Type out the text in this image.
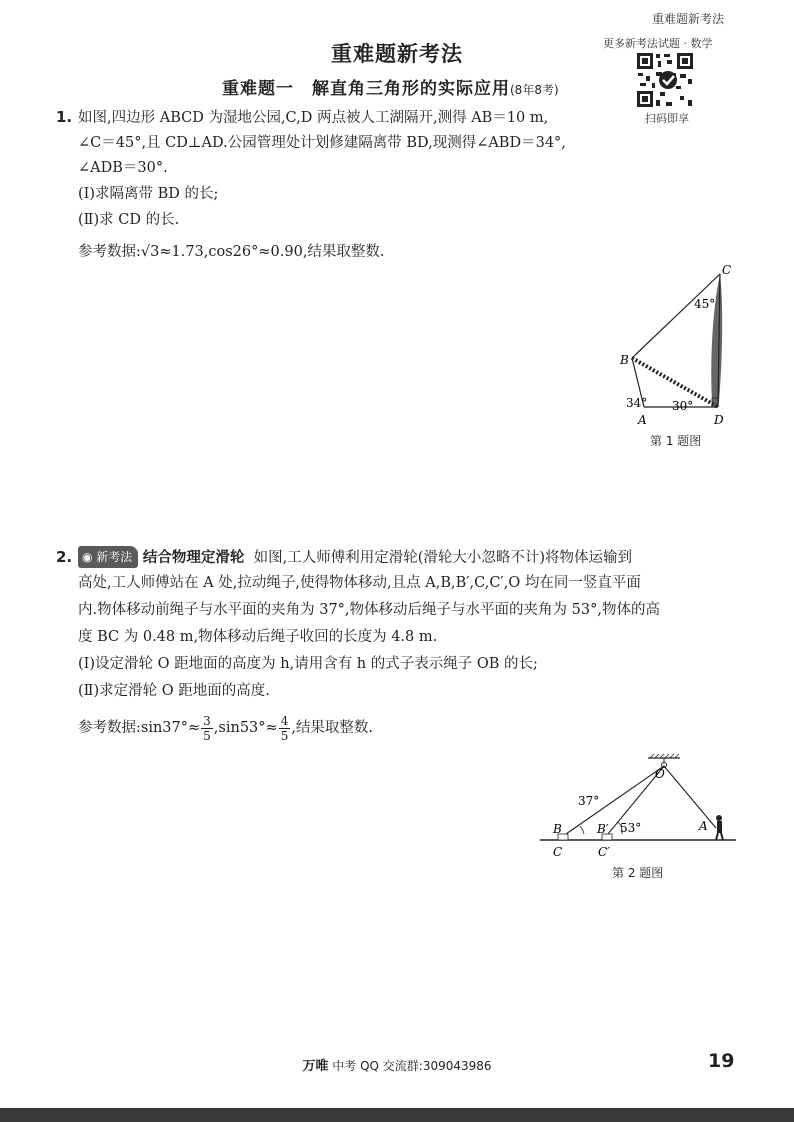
重难题新考法
更多新考法试题 · 数学
扫码即享
重难题新考法
重难题一 解直角三角形的实际应用(8年8考)
1. 如图,四边形 ABCD 为湿地公园,C,D 两点被人工湖隔开,测得 AB＝10 m,
∠C＝45°,且 CD⊥AD.公园管理处计划修建隔离带 BD,现测得∠ABD＝34°,
∠ADB＝30°.
(Ⅰ)求隔离带 BD 的长;
(Ⅱ)求 CD 的长.
参考数据:√3≈1.73,cos26°≈0.90,结果取整数.
C
45°
B
34° 30°
A	D
第 1 题图
2. ◉ 新考法 结合物理定滑轮 如图,工人师傅利用定滑轮(滑轮大小忽略不计)将物体运输到
高处,工人师傅站在 A 处,拉动绳子,使得物体移动,且点 A,B,B′,C,C′,O 均在同一竖直平面
内.物体移动前绳子与水平面的夹角为 37°,物体移动后绳子与水平面的夹角为 53°,物体的高
度 BC 为 0.48 m,物体移动后绳子收回的长度为 4.8 m.
(Ⅰ)设定滑轮 O 距地面的高度为 h,请用含有 h 的式子表示绳子 OB 的长;
(Ⅱ)求定滑轮 O 距地面的高度.
参考数据:sin37°≈ $\frac{3}{5} ,\sin 53^\circ\approx \frac{4}{5}$ ,结果取整数.
O
37°
B	B′ 53°	A
C	C′
第 2 题图
万唯 中考 QQ 交流群:309043986	19
